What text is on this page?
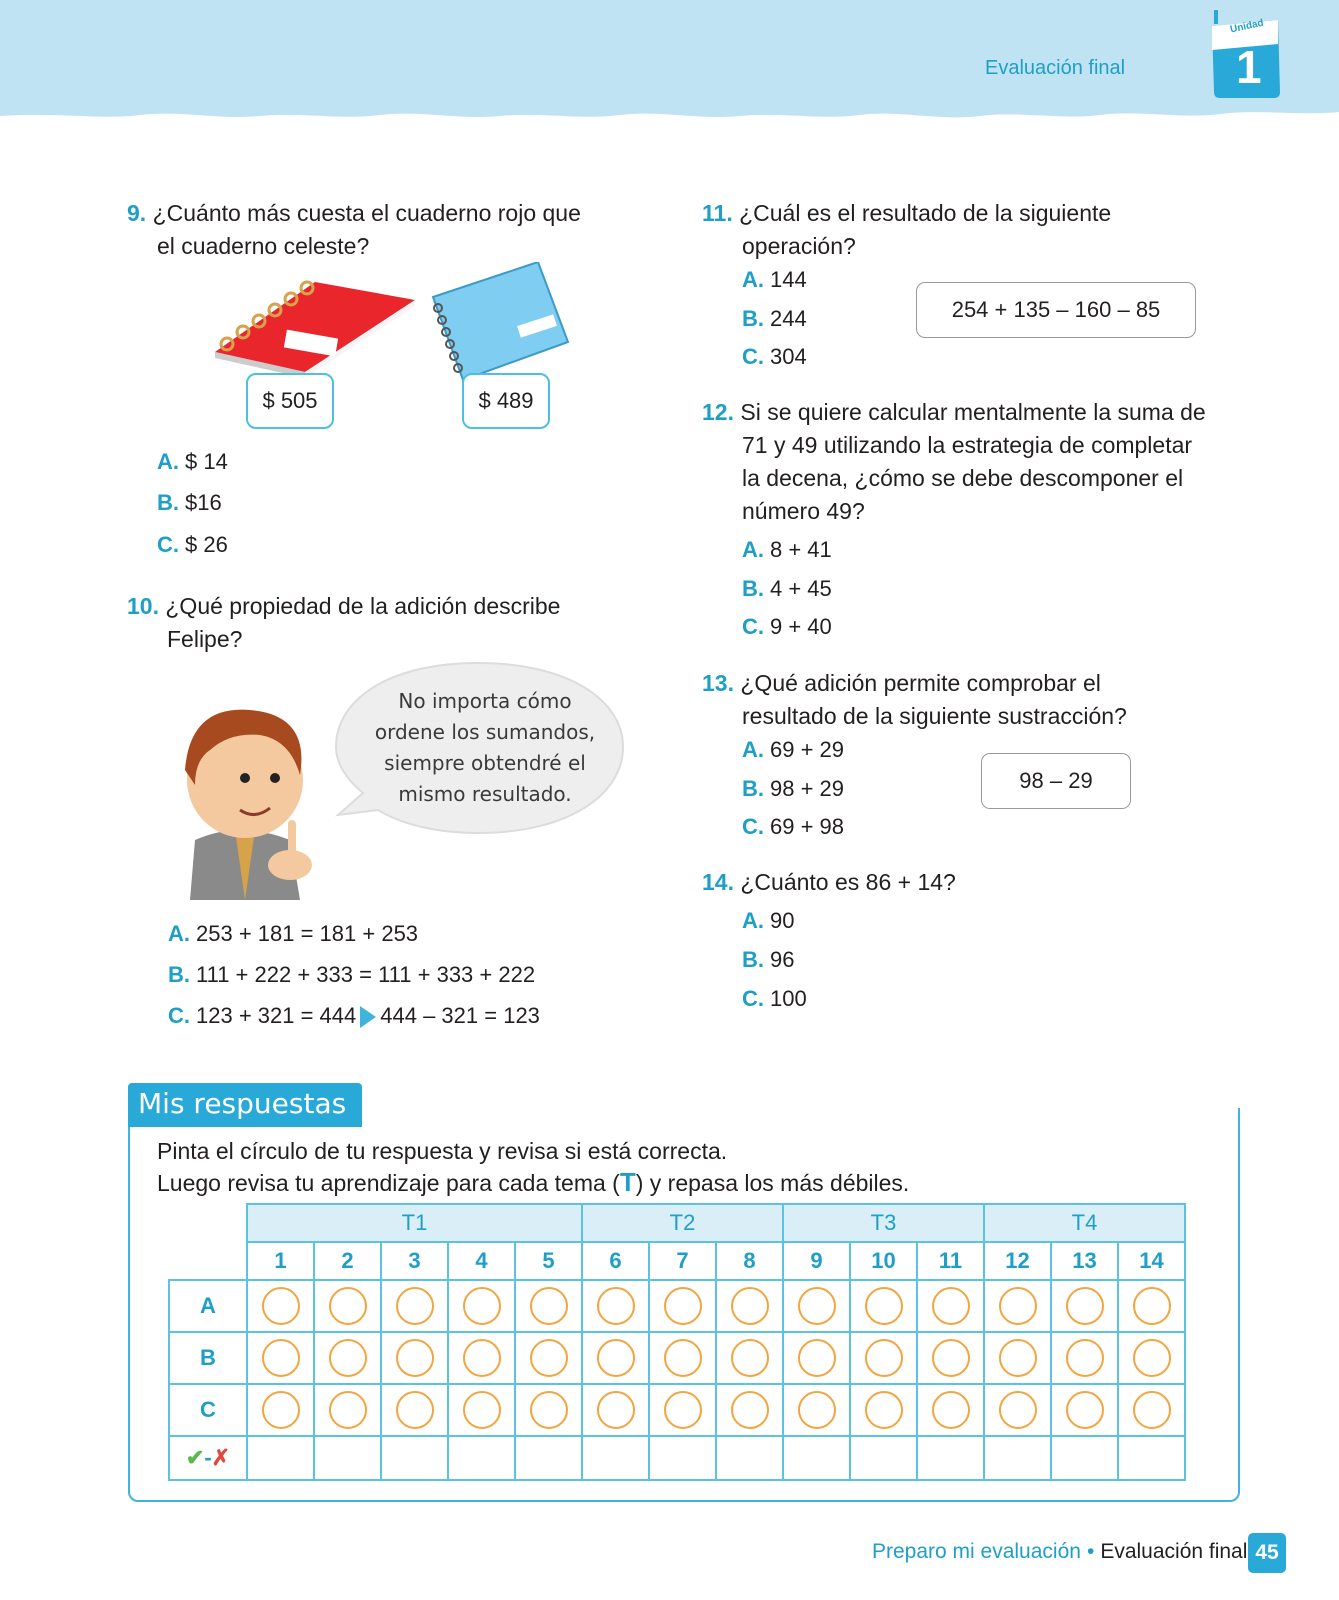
Evaluación final
Unidad
1
9. ¿Cuánto más cuesta el cuaderno rojo que
el cuaderno celeste?
$ 505	$ 489
A. $ 14
B. $16
C. $ 26
10. ¿Qué propiedad de la adición describe
Felipe?
No importa cómo
ordene los sumandos,
siempre obtendré el
mismo resultado.
A. 253 + 181 = 181 + 253
B. 111 + 222 + 333 = 111 + 333 + 222
C. 123 + 321 = 444 444 – 321 = 123
11. ¿Cuál es el resultado de la siguiente
operación?
A. 144
B. 244
C. 304
254 + 135 – 160 – 85
12. Si se quiere calcular mentalmente la suma de
71 y 49 utilizando la estrategia de completar
la decena, ¿cómo se debe descomponer el
número 49?
A. 8 + 41
B. 4 + 45
C. 9 + 40
13. ¿Qué adición permite comprobar el
resultado de la siguiente sustracción?
A. 69 + 29
B. 98 + 29
C. 69 + 98
98 – 29
14. ¿Cuánto es 86 + 14?
A. 90
B. 96
C. 100
Mis respuestas
Pinta el círculo de tu respuesta y revisa si está correcta.
Luego revisa tu aprendizaje para cada tema (T) y repasa los más débiles.
	T1					T2			T3			T4		
	1	2	3	4	5	6	7	8	9	10	11	12	13	14
A														
B														
C														
✔-✗														
Preparo mi evaluación • Evaluación final 45
